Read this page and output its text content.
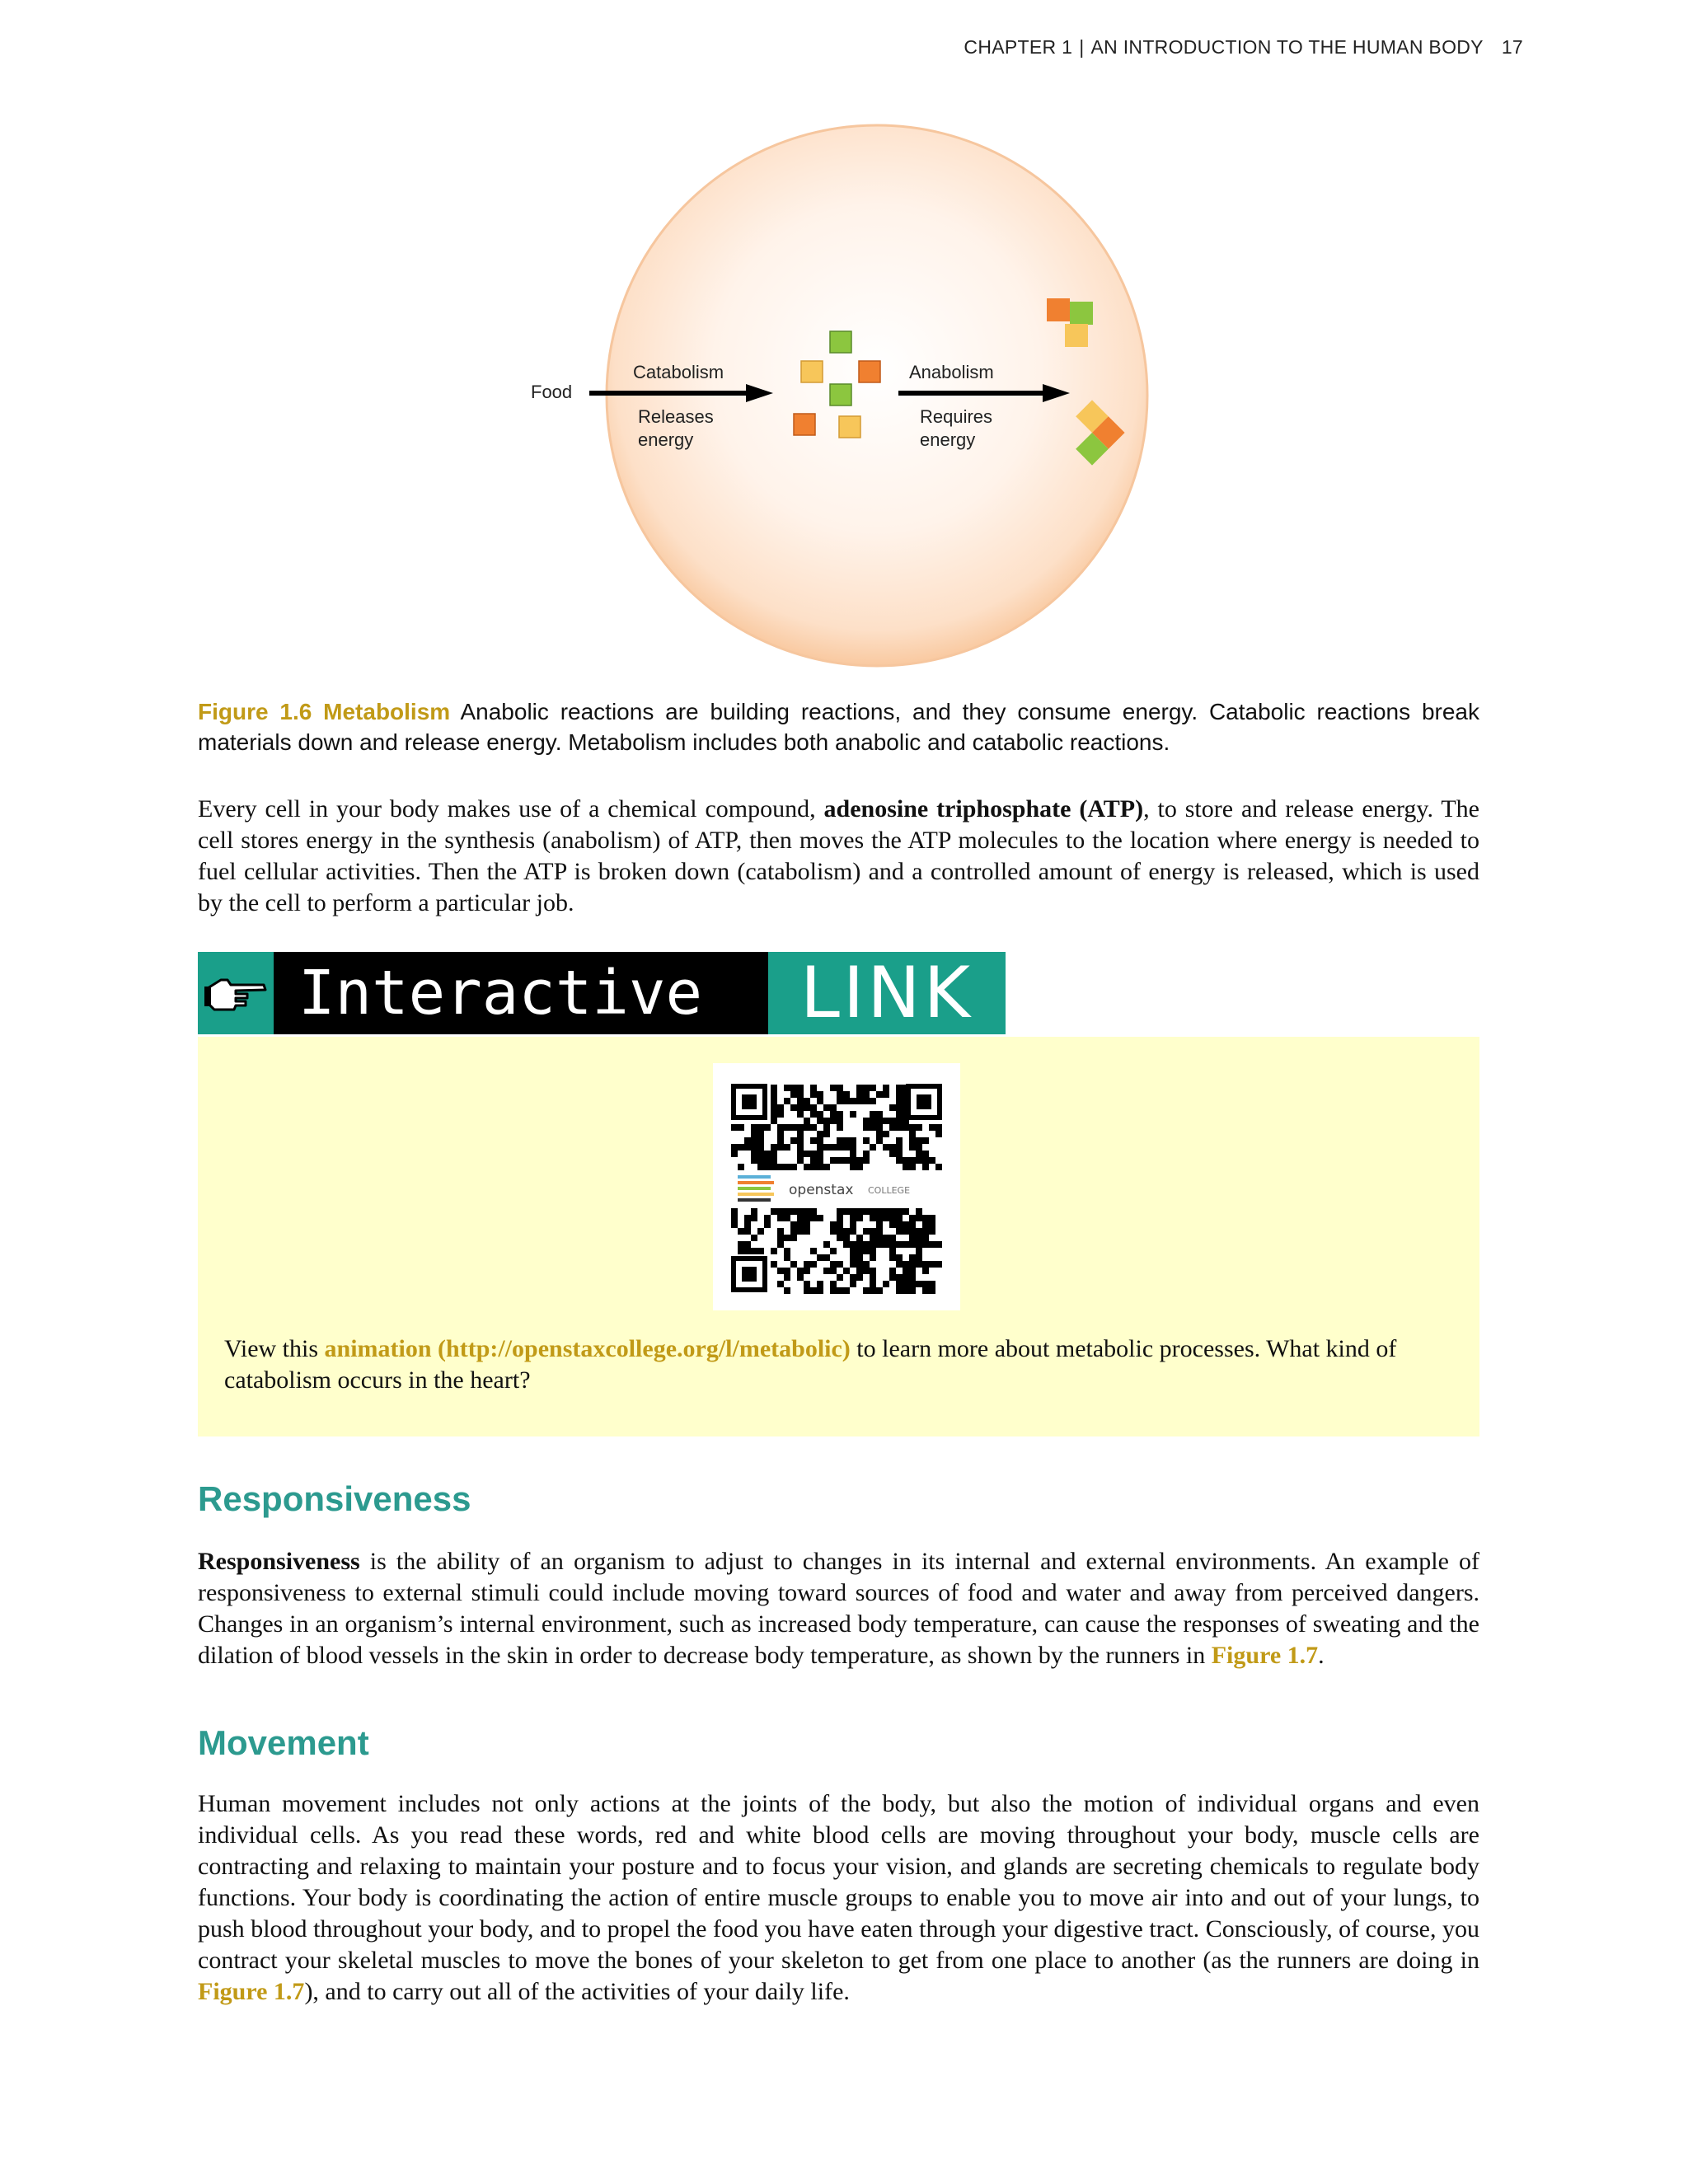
CHAPTER 1 | AN INTRODUCTION TO THE HUMAN BODY 17
Food
Catabolism
Releases
energy
Anabolism
Requires
energy
Figure 1.6 Metabolism Anabolic reactions are building reactions, and they consume energy. Catabolic reactions break materials down and release energy. Metabolism includes both anabolic and catabolic reactions.
Every cell in your body makes use of a chemical compound, adenosine triphosphate (ATP), to store and release energy. The cell stores energy in the synthesis (anabolism) of ATP, then moves the ATP molecules to the location where energy is needed to fuel cellular activities. Then the ATP is broken down (catabolism) and a controlled amount of energy is released, which is used by the cell to perform a particular job.
Interactive	LINK
openstax COLLEGE
View this animation (http://openstaxcollege.org/l/metabolic) to learn more about metabolic processes. What kind of catabolism occurs in the heart?
Responsiveness
Responsiveness is the ability of an organism to adjust to changes in its internal and external environments. An example of responsiveness to external stimuli could include moving toward sources of food and water and away from perceived dangers. Changes in an organism’s internal environment, such as increased body temperature, can cause the responses of sweating and the dilation of blood vessels in the skin in order to decrease body temperature, as shown by the runners in Figure 1.7.
Movement
Human movement includes not only actions at the joints of the body, but also the motion of individual organs and even individual cells. As you read these words, red and white blood cells are moving throughout your body, muscle cells are contracting and relaxing to maintain your posture and to focus your vision, and glands are secreting chemicals to regulate body functions. Your body is coordinating the action of entire muscle groups to enable you to move air into and out of your lungs, to push blood throughout your body, and to propel the food you have eaten through your digestive tract. Consciously, of course, you contract your skeletal muscles to move the bones of your skeleton to get from one place to another (as the runners are doing in Figure 1.7), and to carry out all of the activities of your daily life.
